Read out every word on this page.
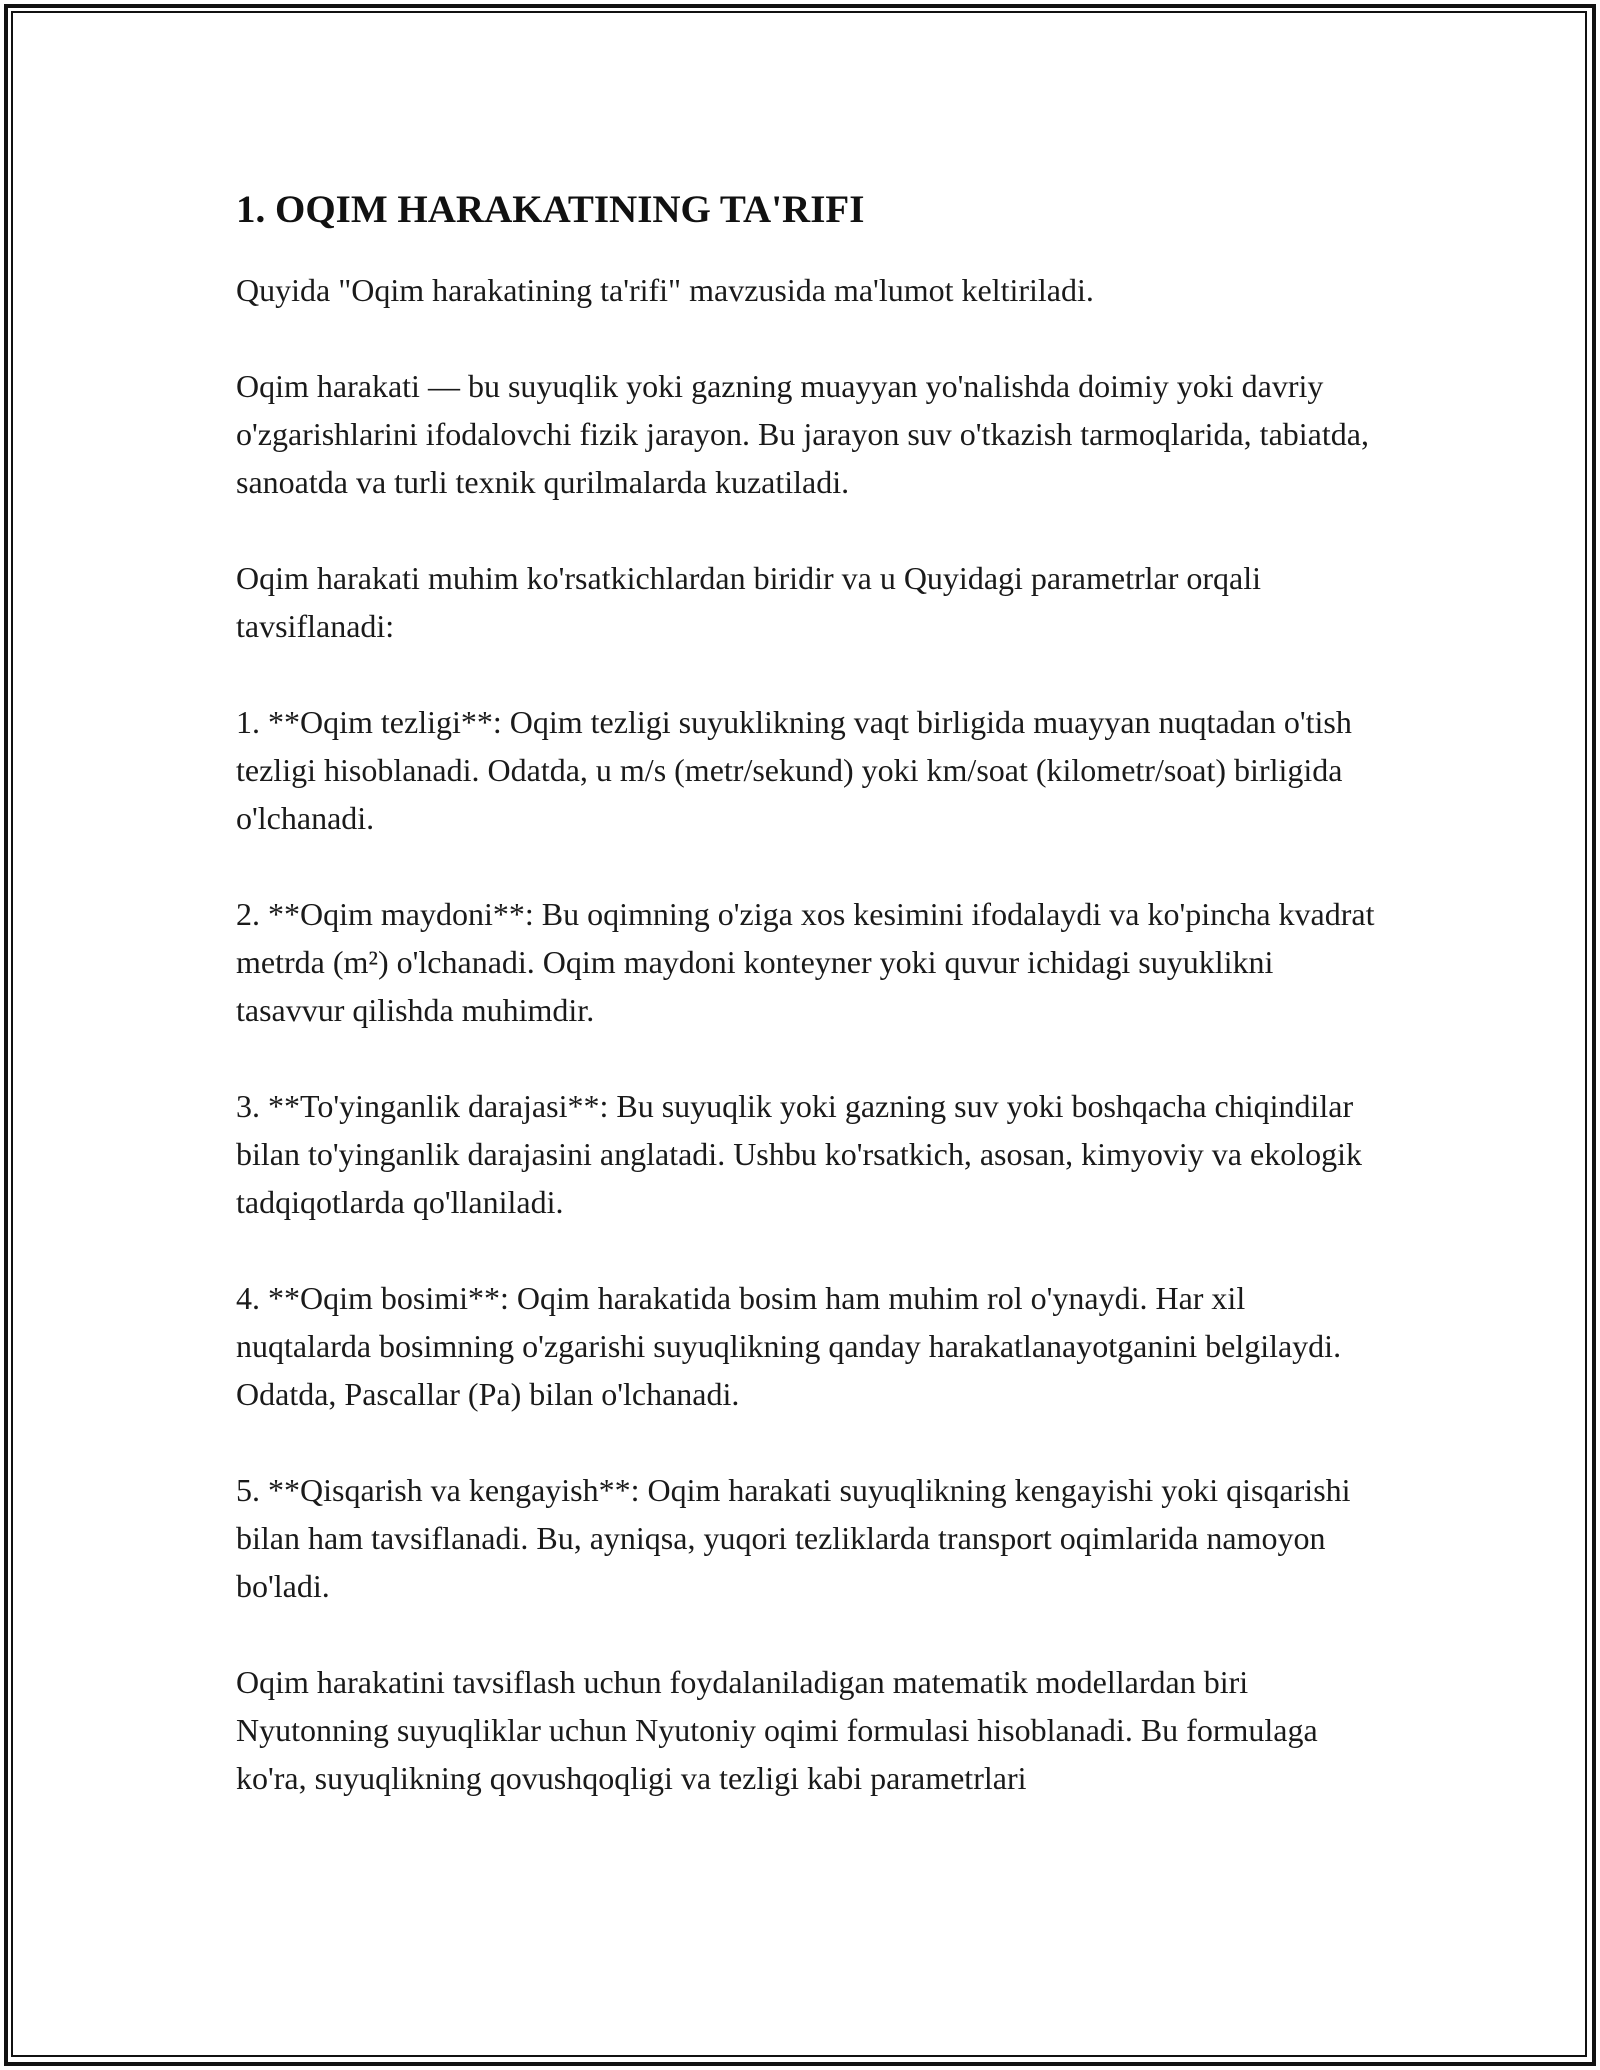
1. OQIM HARAKATINING TA'RIFI

Quyida "Oqim harakatining ta'rifi" mavzusida ma'lumot keltiriladi.

Oqim harakati — bu suyuqlik yoki gazning muayyan yo'nalishda doimiy yoki davriy o'zgarishlarini ifodalovchi fizik jarayon. Bu jarayon suv o'tkazish tarmoqlarida, tabiatda, sanoatda va turli texnik qurilmalarda kuzatiladi.

Oqim harakati muhim ko'rsatkichlardan biridir va u Quyidagi parametrlar orqali tavsiflanadi:

1. **Oqim tezligi**: Oqim tezligi suyuklikning vaqt birligida muayyan nuqtadan o'tish tezligi hisoblanadi. Odatda, u m/s (metr/sekund) yoki km/soat (kilometr/soat) birligida o'lchanadi.

2. **Oqim maydoni**: Bu oqimning o'ziga xos kesimini ifodalaydi va ko'pincha kvadrat metrda (m²) o'lchanadi. Oqim maydoni konteyner yoki quvur ichidagi suyuklikni tasavvur qilishda muhimdir.

3. **To'yinganlik darajasi**: Bu suyuqlik yoki gazning suv yoki boshqacha chiqindilar bilan to'yinganlik darajasini anglatadi. Ushbu ko'rsatkich, asosan, kimyoviy va ekologik tadqiqotlarda qo'llaniladi.

4. **Oqim bosimi**: Oqim harakatida bosim ham muhim rol o'ynaydi. Har xil nuqtalarda bosimning o'zgarishi suyuqlikning qanday harakatlanayotganini belgilaydi. Odatda, Pascallar (Pa) bilan o'lchanadi.

5. **Qisqarish va kengayish**: Oqim harakati suyuqlikning kengayishi yoki qisqarishi bilan ham tavsiflanadi. Bu, ayniqsa, yuqori tezliklarda transport oqimlarida namoyon bo'ladi.

Oqim harakatini tavsiflash uchun foydalaniladigan matematik modellardan biri Nyutonning suyuqliklar uchun Nyutoniy oqimi formulasi hisoblanadi. Bu formulaga ko'ra, suyuqlikning qovushqoqligi va tezligi kabi parametrlari
